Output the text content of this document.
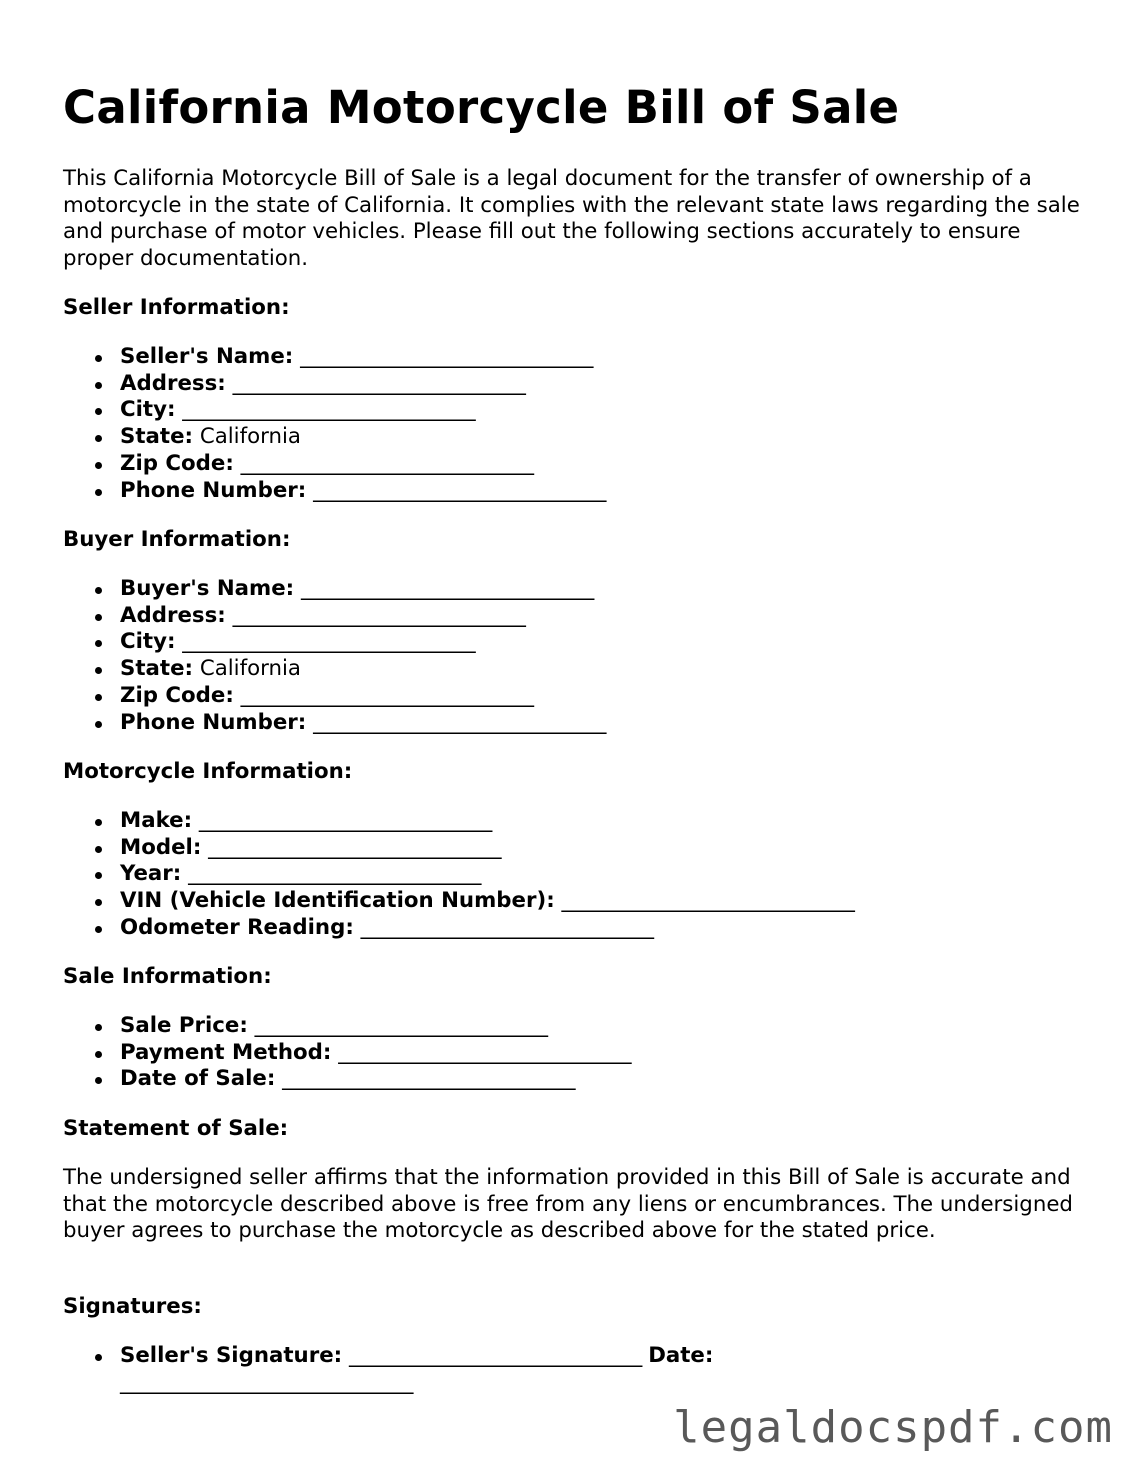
California Motorcycle Bill of Sale

This California Motorcycle Bill of Sale is a legal document for the transfer of ownership of a motorcycle in the state of California. It complies with the relevant state laws regarding the sale and purchase of motor vehicles. Please fill out the following sections accurately to ensure proper documentation.

Seller Information:
Seller's Name: ______________________________
Address: ______________________________
City: ______________________________
State: California
Zip Code: ______________________________
Phone Number: ______________________________
Buyer Information:
Buyer's Name: ______________________________
Address: ______________________________
City: ______________________________
State: California
Zip Code: ______________________________
Phone Number: ______________________________
Motorcycle Information:
Make: ______________________________
Model: ______________________________
Year: ______________________________
VIN (Vehicle Identification Number): ______________________________
Odometer Reading: ______________________________
Sale Information:
Sale Price: ______________________________
Payment Method: ______________________________
Date of Sale: ______________________________
Statement of Sale:

The undersigned seller affirms that the information provided in this Bill of Sale is accurate and that the motorcycle described above is free from any liens or encumbrances. The undersigned buyer agrees to purchase the motorcycle as described above for the stated price.

Signatures:
Seller's Signature: ______________________________ Date:
______________________________
legaldocspdf.com
